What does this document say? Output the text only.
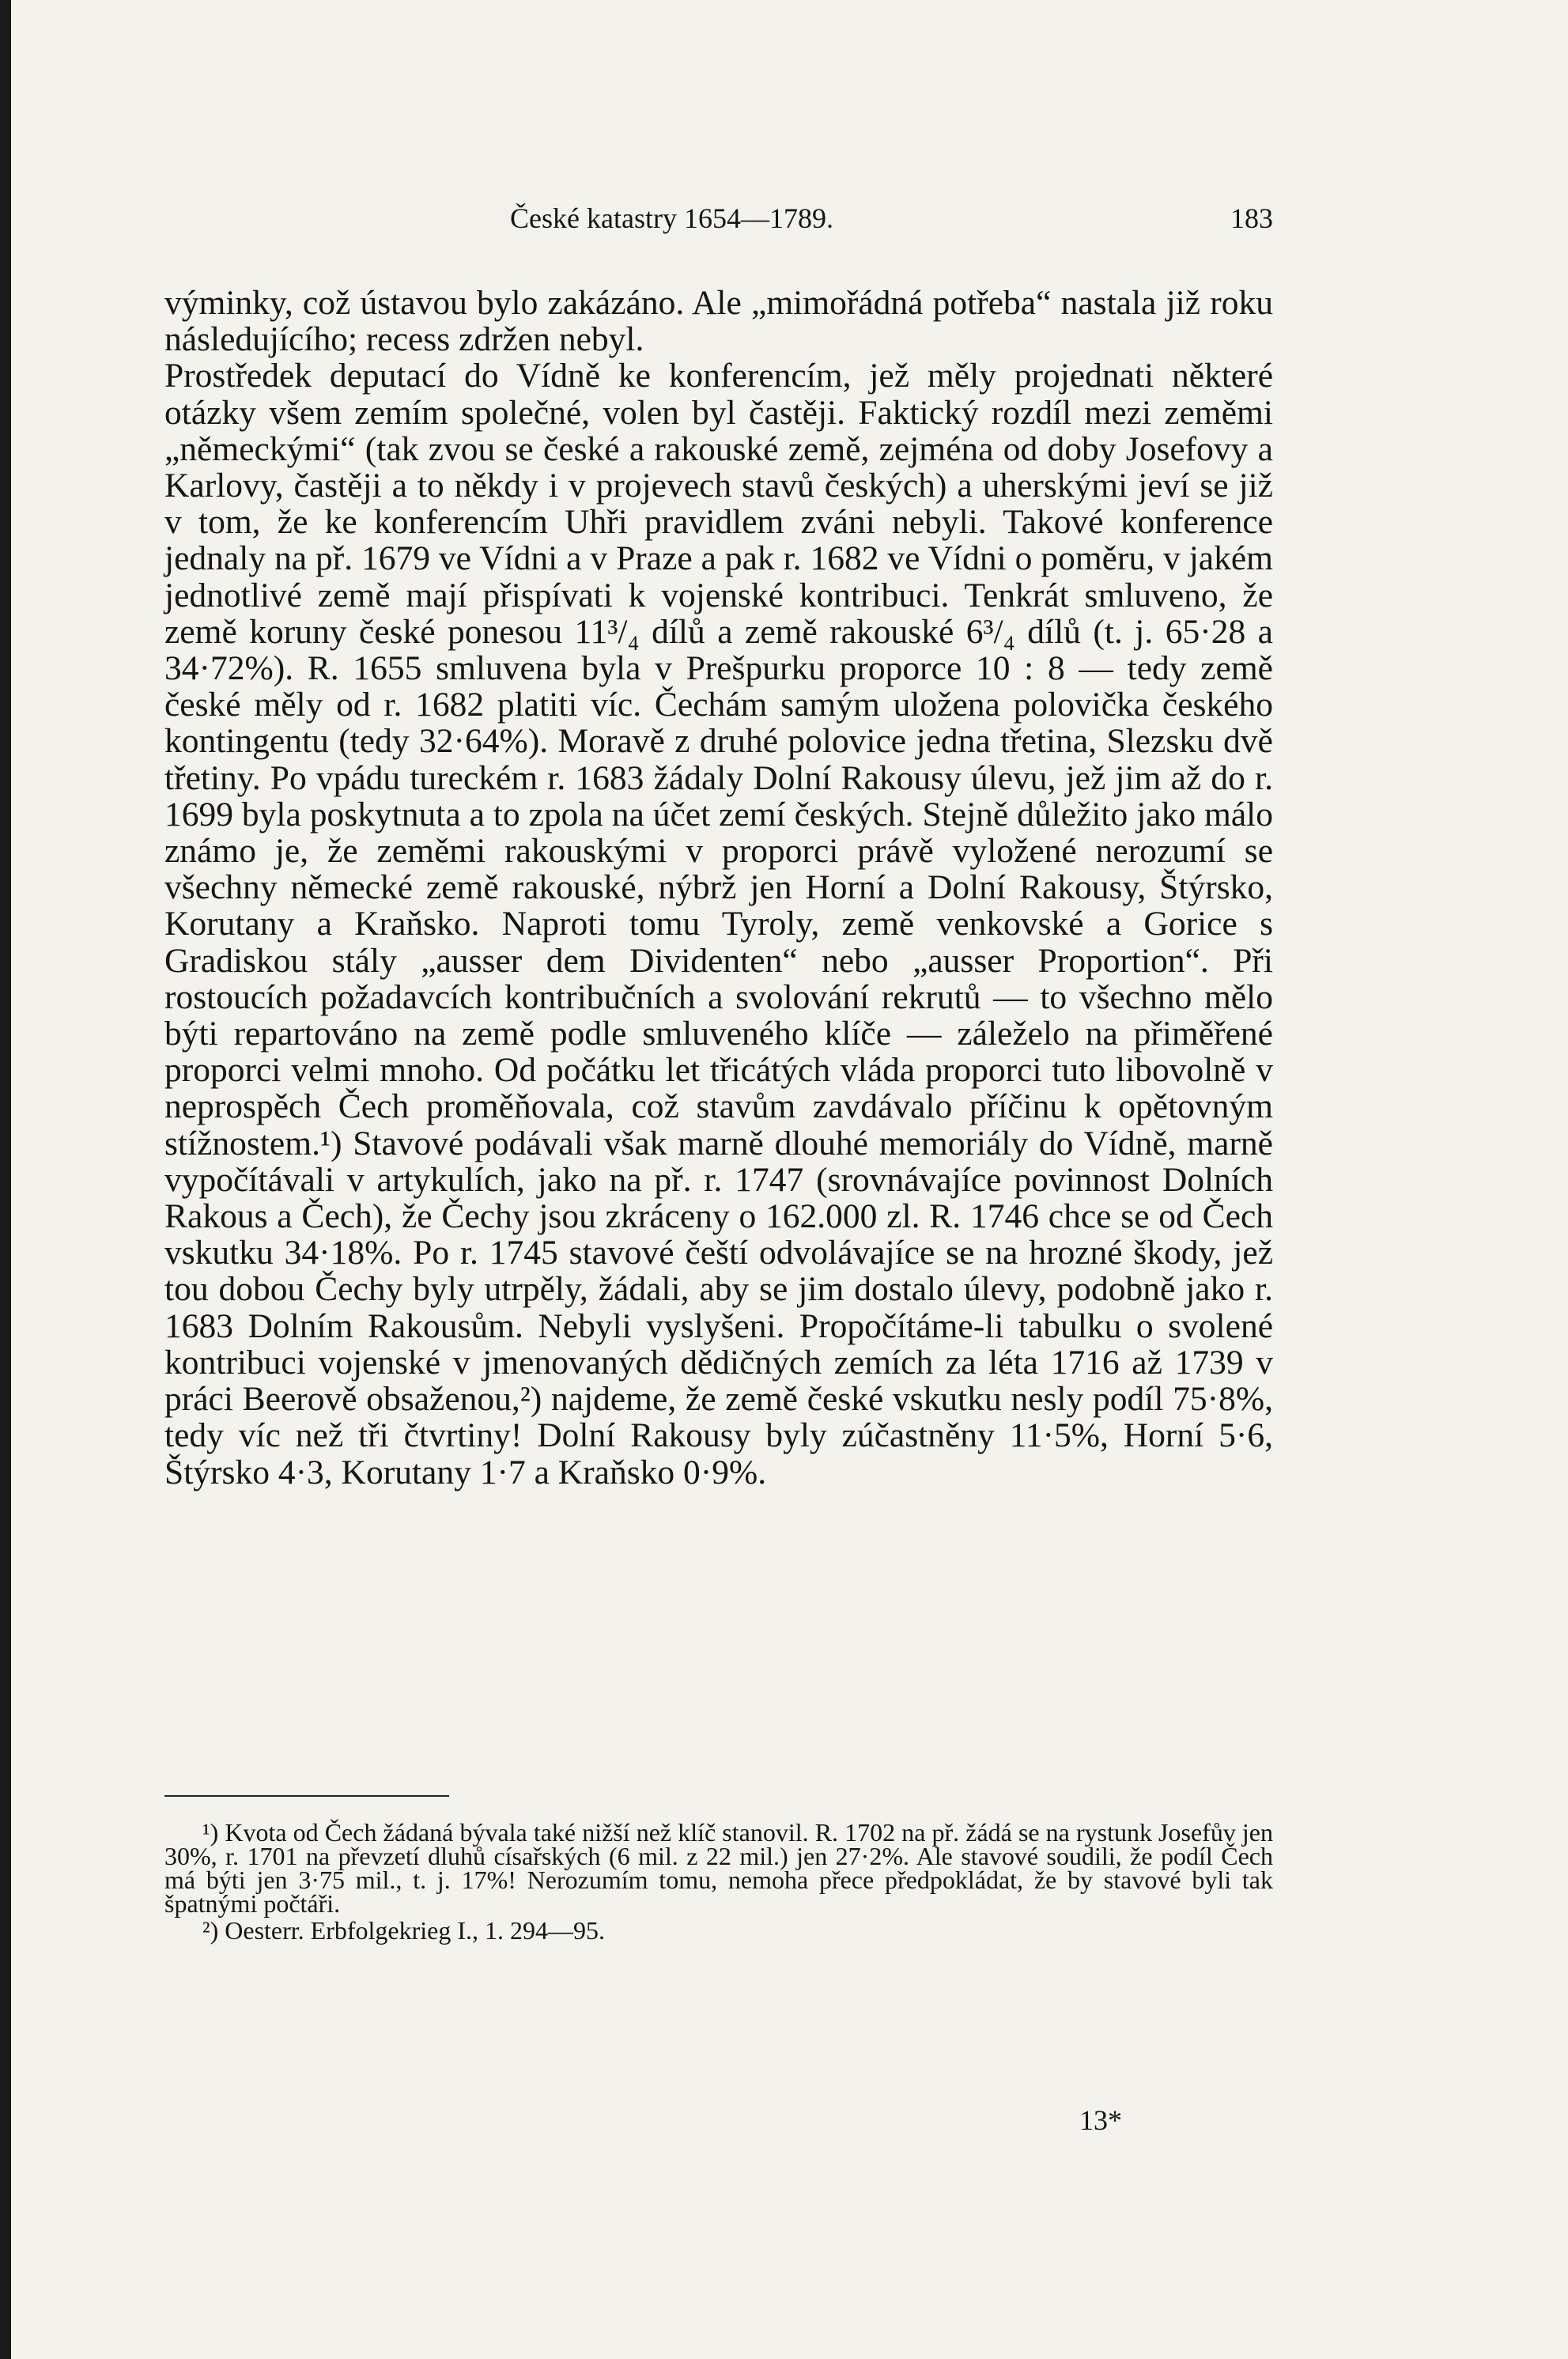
České katastry 1654—1789.	183

výminky, což ústavou bylo zakázáno. Ale „mimořádná potřeba“ nastala již roku následujícího; recess zdržen nebyl.

Prostředek deputací do Vídně ke konferencím, jež měly projednati některé otázky všem zemím společné, volen byl častěji. Faktický rozdíl mezi zeměmi „německými“ (tak zvou se české a rakouské země, zejména od doby Josefovy a Karlovy, častěji a to někdy i v projevech stavů českých) a uherskými jeví se již v tom, že ke konferencím Uhři pravidlem zváni nebyli. Takové konference jednaly na př. 1679 ve Vídni a v Praze a pak r. 1682 ve Vídni o poměru, v jakém jednotlivé země mají přispívati k vojenské kontribuci. Tenkrát smluveno, že země koruny české ponesou 11³/₄ dílů a země rakouské 6³/₄ dílů (t. j. 65·28 a 34·72%). R. 1655 smluvena byla v Prešpurku proporce 10 : 8 — tedy země české měly od r. 1682 platiti víc. Čechám samým uložena polovička českého kontingentu (tedy 32·64%). Moravě z druhé polovice jedna třetina, Slezsku dvě třetiny. Po vpádu tureckém r. 1683 žádaly Dolní Rakousy úlevu, jež jim až do r. 1699 byla poskytnuta a to zpola na účet zemí českých. Stejně důležito jako málo známo je, že zeměmi rakouskými v proporci právě vyložené nerozumí se všechny německé země rakouské, nýbrž jen Horní a Dolní Rakousy, Štýrsko, Korutany a Kraňsko. Naproti tomu Tyroly, země venkovské a Gorice s Gradiskou stály „ausser dem Dividenten“ nebo „ausser Proportion“. Při rostoucích požadavcích kontribučních a svolování rekrutů — to všechno mělo býti repartováno na země podle smluveného klíče — záleželo na přiměřené proporci velmi mnoho. Od počátku let třicátých vláda proporci tuto libovolně v neprospěch Čech proměňovala, což stavům zavdávalo příčinu k opětovným stížnostem.¹) Stavové podávali však marně dlouhé memoriály do Vídně, marně vypočítávali v artykulích, jako na př. r. 1747 (srovnávajíce povinnost Dolních Rakous a Čech), že Čechy jsou zkráceny o 162.000 zl. R. 1746 chce se od Čech vskutku 34·18%. Po r. 1745 stavové čeští odvolávajíce se na hrozné škody, jež tou dobou Čechy byly utrpěly, žádali, aby se jim dostalo úlevy, podobně jako r. 1683 Dolním Rakousům. Nebyli vyslyšeni. Propočítáme-li tabulku o svolené kontribuci vojenské v jmenovaných dědičných zemích za léta 1716 až 1739 v práci Beerově obsaženou,²) najdeme, že země české vskutku nesly podíl 75·8%, tedy víc než tři čtvrtiny! Dolní Rakousy byly zúčastněny 11·5%, Horní 5·6, Štýrsko 4·3, Korutany 1·7 a Kraňsko 0·9%.

¹) Kvota od Čech žádaná bývala také nižší než klíč stanovil. R. 1702 na př. žádá se na rystunk Josefův jen 30%, r. 1701 na převzetí dluhů císařských (6 mil. z 22 mil.) jen 27·2%. Ale stavové soudili, že podíl Čech má býti jen 3·75 mil., t. j. 17%! Nerozumím tomu, nemoha přece předpokládat, že by stavové byli tak špatnými počtáři.

²) Oesterr. Erbfolgekrieg I., 1. 294—95.

13*
